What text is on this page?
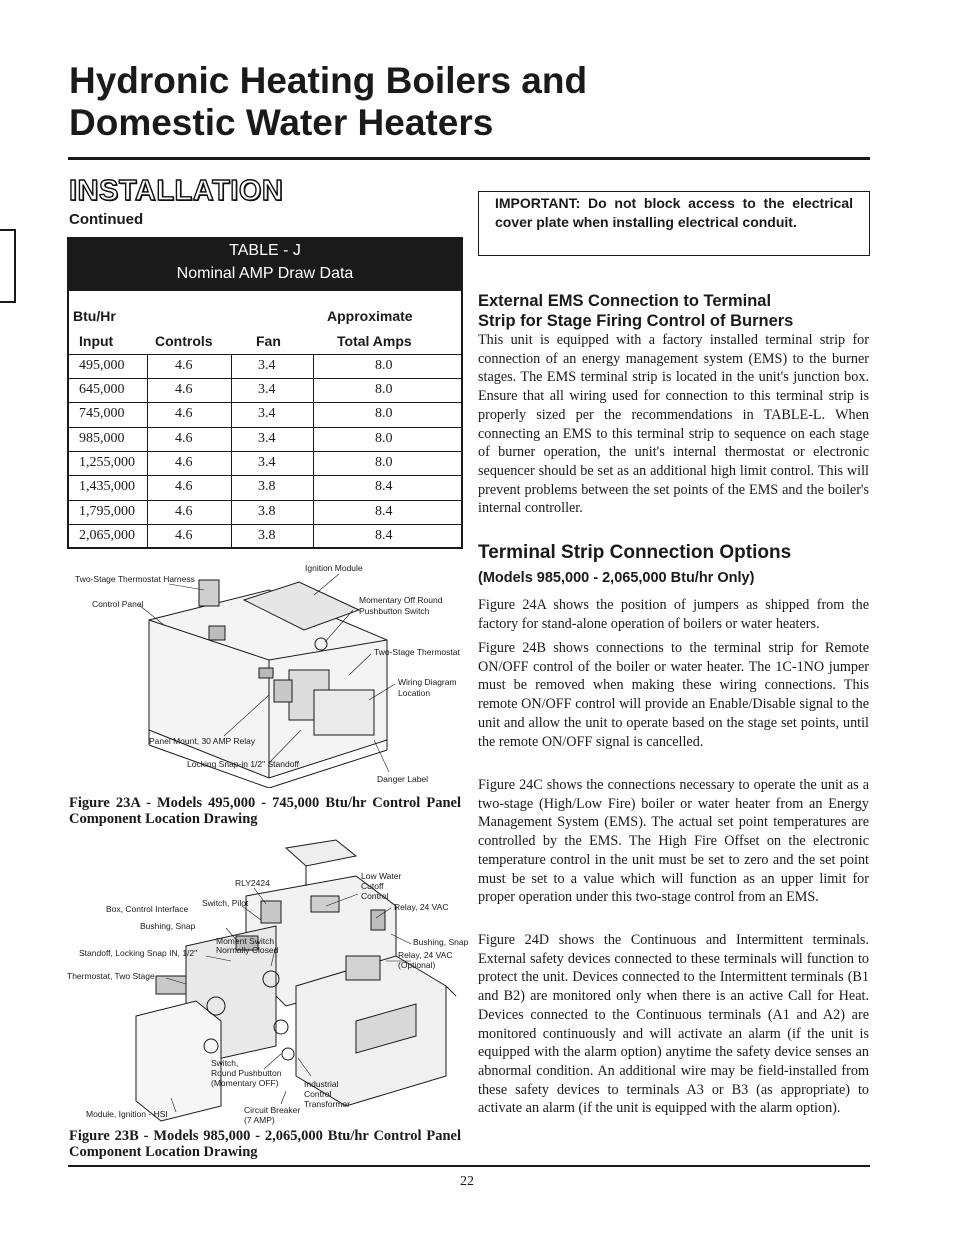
Hydronic Heating Boilers and
Domestic Water Heaters
INSTALLATION
Continued
TABLE - J
Nominal AMP Draw Data
Btu/Hr	Approximate
Input	Controls	Fan	Total Amps
495,000	4.6	3.4	8.0
645,000	4.6	3.4	8.0
745,000	4.6	3.4	8.0
985,000	4.6	3.4	8.0
1,255,000	4.6	3.4	8.0
1,435,000	4.6	3.8	8.4
1,795,000	4.6	3.8	8.4
2,065,000	4.6	3.8	8.4
Two-Stage Thermostat Harness
Ignition Module
Control Panel	Momentary Off Round
Pushbutton Switch
Two-Stage Thermostat
Wiring Diagram
Location
Panel Mount, 30 AMP Relay
Locking Snap-in 1/2" Standoff
Danger Label
Figure 23A - Models 495,000 - 745,000 Btu/hr Control Panel Component Location Drawing
Low Water
Cutoff
Control
RLY2424
Switch, Pilot
Box, Control Interface	Relay, 24 VAC
Bushing, Snap
Moment Switch
Normally Closed
Bushing, Snap
Standoff, Locking Snap IN, 1/2"	Relay, 24 VAC
(Optional)
Thermostat, Two Stage
Switch,
Round Pushbutton
(Momentary OFF)	Industrial
Control
Transformer
Module, Ignition - HSI	Circuit Breaker
(7 AMP)
Figure 23B - Models 985,000 - 2,065,000 Btu/hr Control Panel Component Location Drawing
IMPORTANT: Do not block access to the electrical cover plate when installing electrical conduit.
External EMS Connection to Terminal
Strip for Stage Firing Control of Burners
This unit is equipped with a factory installed terminal strip for connection of an energy management system (EMS) to the burner stages. The EMS terminal strip is located in the unit's junction box. Ensure that all wiring used for connection to this terminal strip is properly sized per the recommendations in TABLE-L. When connecting an EMS to this terminal strip to sequence on each stage of burner operation, the unit's internal thermostat or electronic sequencer should be set as an additional high limit control. This will prevent problems between the set points of the EMS and the boiler's internal controller.
Terminal Strip Connection Options
(Models 985,000 - 2,065,000 Btu/hr Only)
Figure 24A shows the position of jumpers as shipped from the factory for stand-alone operation of boilers or water heaters.
Figure 24B shows connections to the terminal strip for Remote ON/OFF control of the boiler or water heater. The 1C-1NO jumper must be removed when making these wiring connections. This remote ON/OFF control will provide an Enable/Disable signal to the unit and allow the unit to operate based on the stage set points, until the remote ON/OFF signal is cancelled.
Figure 24C shows the connections necessary to operate the unit as a two-stage (High/Low Fire) boiler or water heater from an Energy Management System (EMS). The actual set point temperatures are controlled by the EMS. The High Fire Offset on the electronic temperature control in the unit must be set to zero and the set point must be set to a value which will function as an upper limit for proper operation under this two-stage control from an EMS.
Figure 24D shows the Continuous and Intermittent terminals. External safety devices connected to these terminals will function to protect the unit. Devices connected to the Intermittent terminals (B1 and B2) are monitored only when there is an active Call for Heat. Devices connected to the Continuous terminals (A1 and A2) are monitored continuously and will activate an alarm (if the unit is equipped with the alarm option) anytime the safety device senses an abnormal condition. An additional wire may be field-installed from these safety devices to terminals A3 or B3 (as appropriate) to activate an alarm (if the unit is equipped with the alarm option).
22
